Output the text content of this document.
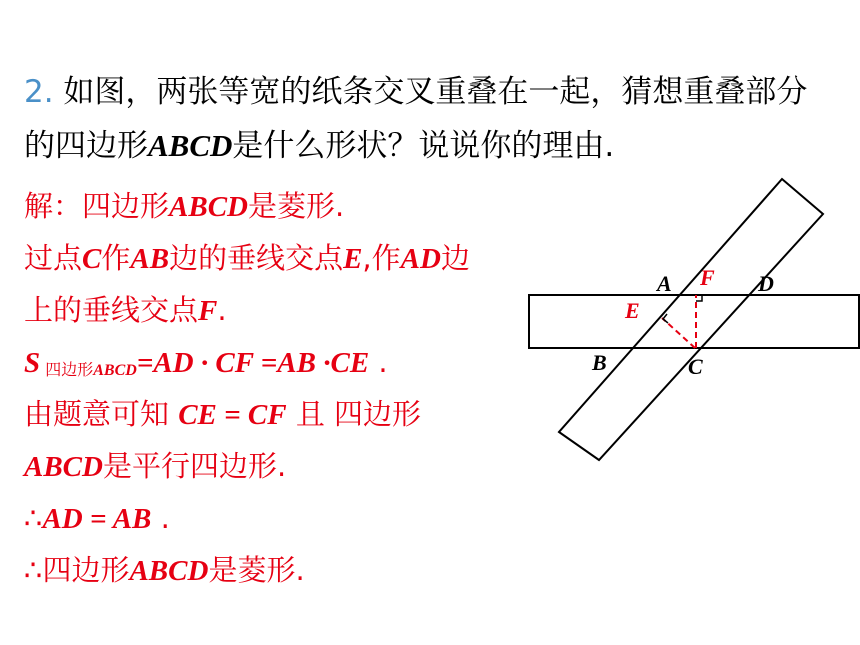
2. 如图，两张等宽的纸条交叉重叠在一起，猜想重叠部分的四边形ABCD是什么形状？说说你的理由.
解：四边形ABCD是菱形.
过点C作AB边的垂线交点E,作AD边
上的垂线交点F.
S 四边形ABCD=AD · CF =AB ·CE .
由题意可知 CE = CF 且 四边形
ABCD是平行四边形.
∴AD = AB .
∴四边形ABCD是菱形.
A	D
F
E
B	C
